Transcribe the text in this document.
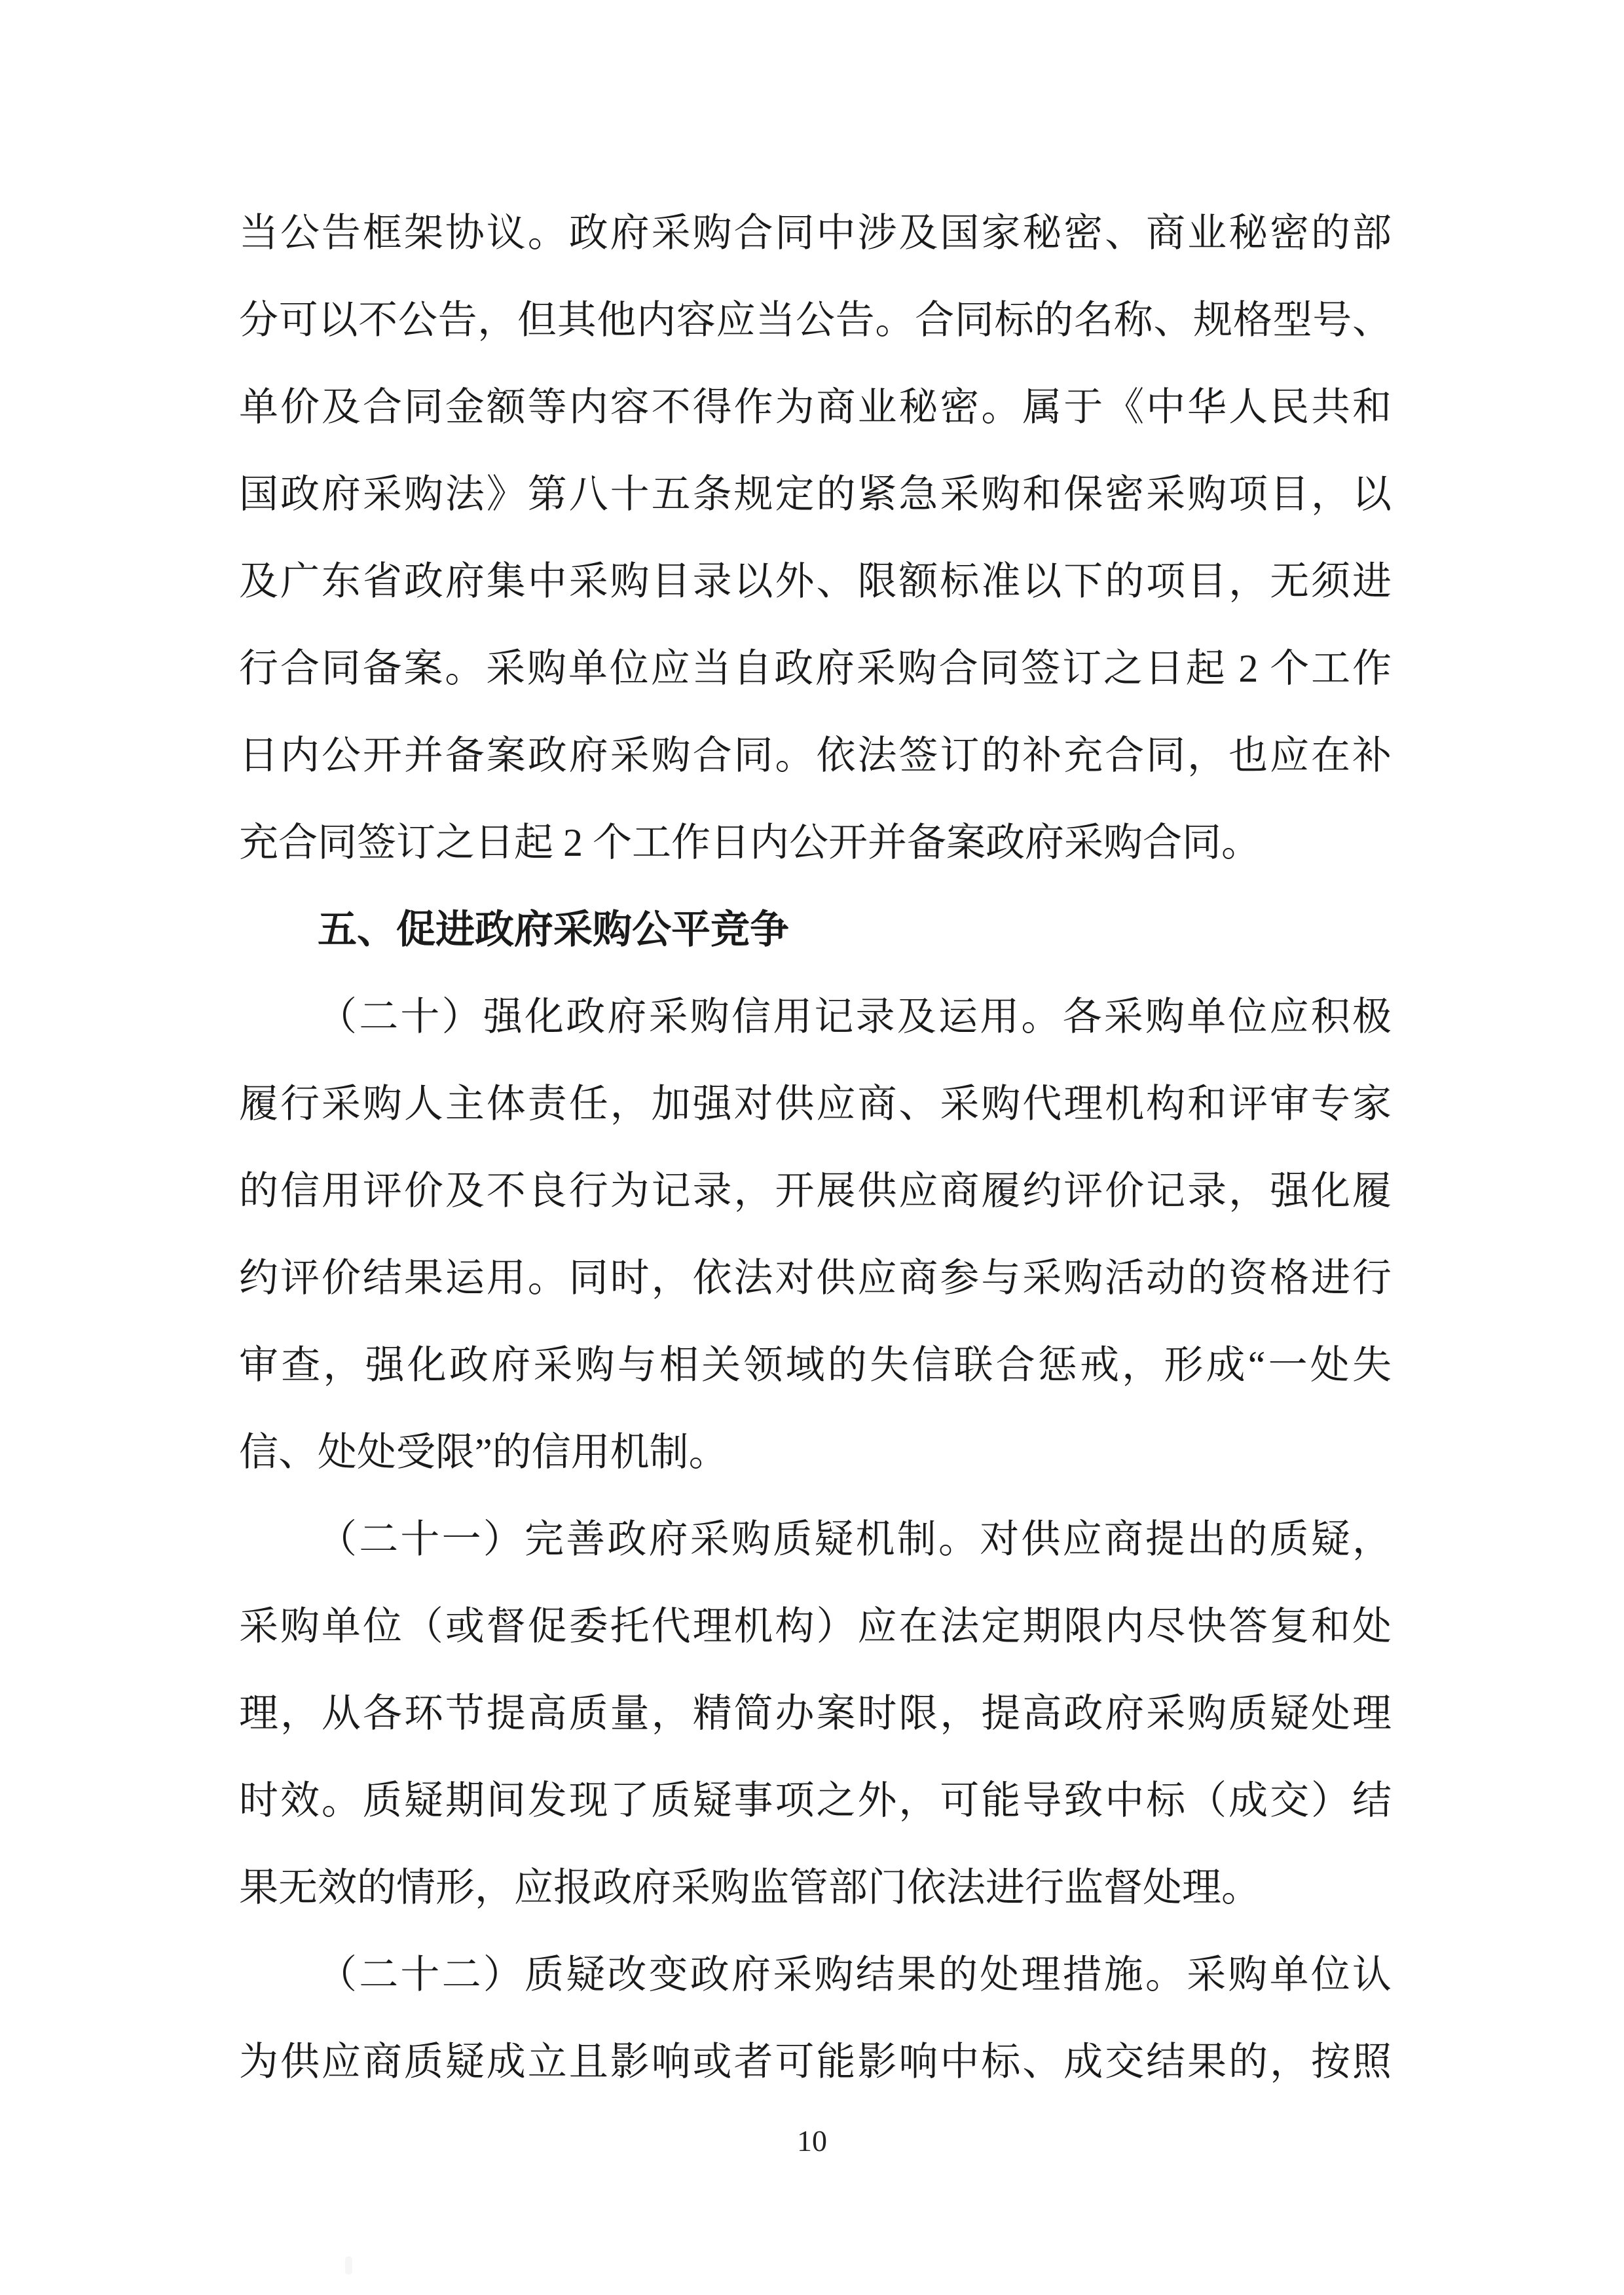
当公告框架协议。政府采购合同中涉及国家秘密、商业秘密的部
分可以不公告，但其他内容应当公告。合同标的名称、规格型号、
单价及合同金额等内容不得作为商业秘密。属于《中华人民共和
国政府采购法》第八十五条规定的紧急采购和保密采购项目，以
及广东省政府集中采购目录以外、限额标准以下的项目，无须进
行合同备案。采购单位应当自政府采购合同签订之日起 2 个工作
日内公开并备案政府采购合同。依法签订的补充合同，也应在补
充合同签订之日起 2 个工作日内公开并备案政府采购合同。
五、促进政府采购公平竞争
（二十）强化政府采购信用记录及运用。各采购单位应积极
履行采购人主体责任，加强对供应商、采购代理机构和评审专家
的信用评价及不良行为记录，开展供应商履约评价记录，强化履
约评价结果运用。同时，依法对供应商参与采购活动的资格进行
审查，强化政府采购与相关领域的失信联合惩戒，形成“一处失
信、处处受限”的信用机制。
（二十一）完善政府采购质疑机制。对供应商提出的质疑，
采购单位（或督促委托代理机构）应在法定期限内尽快答复和处
理，从各环节提高质量，精简办案时限，提高政府采购质疑处理
时效。质疑期间发现了质疑事项之外，可能导致中标（成交）结
果无效的情形，应报政府采购监管部门依法进行监督处理。
（二十二）质疑改变政府采购结果的处理措施。采购单位认
为供应商质疑成立且影响或者可能影响中标、成交结果的，按照
10
